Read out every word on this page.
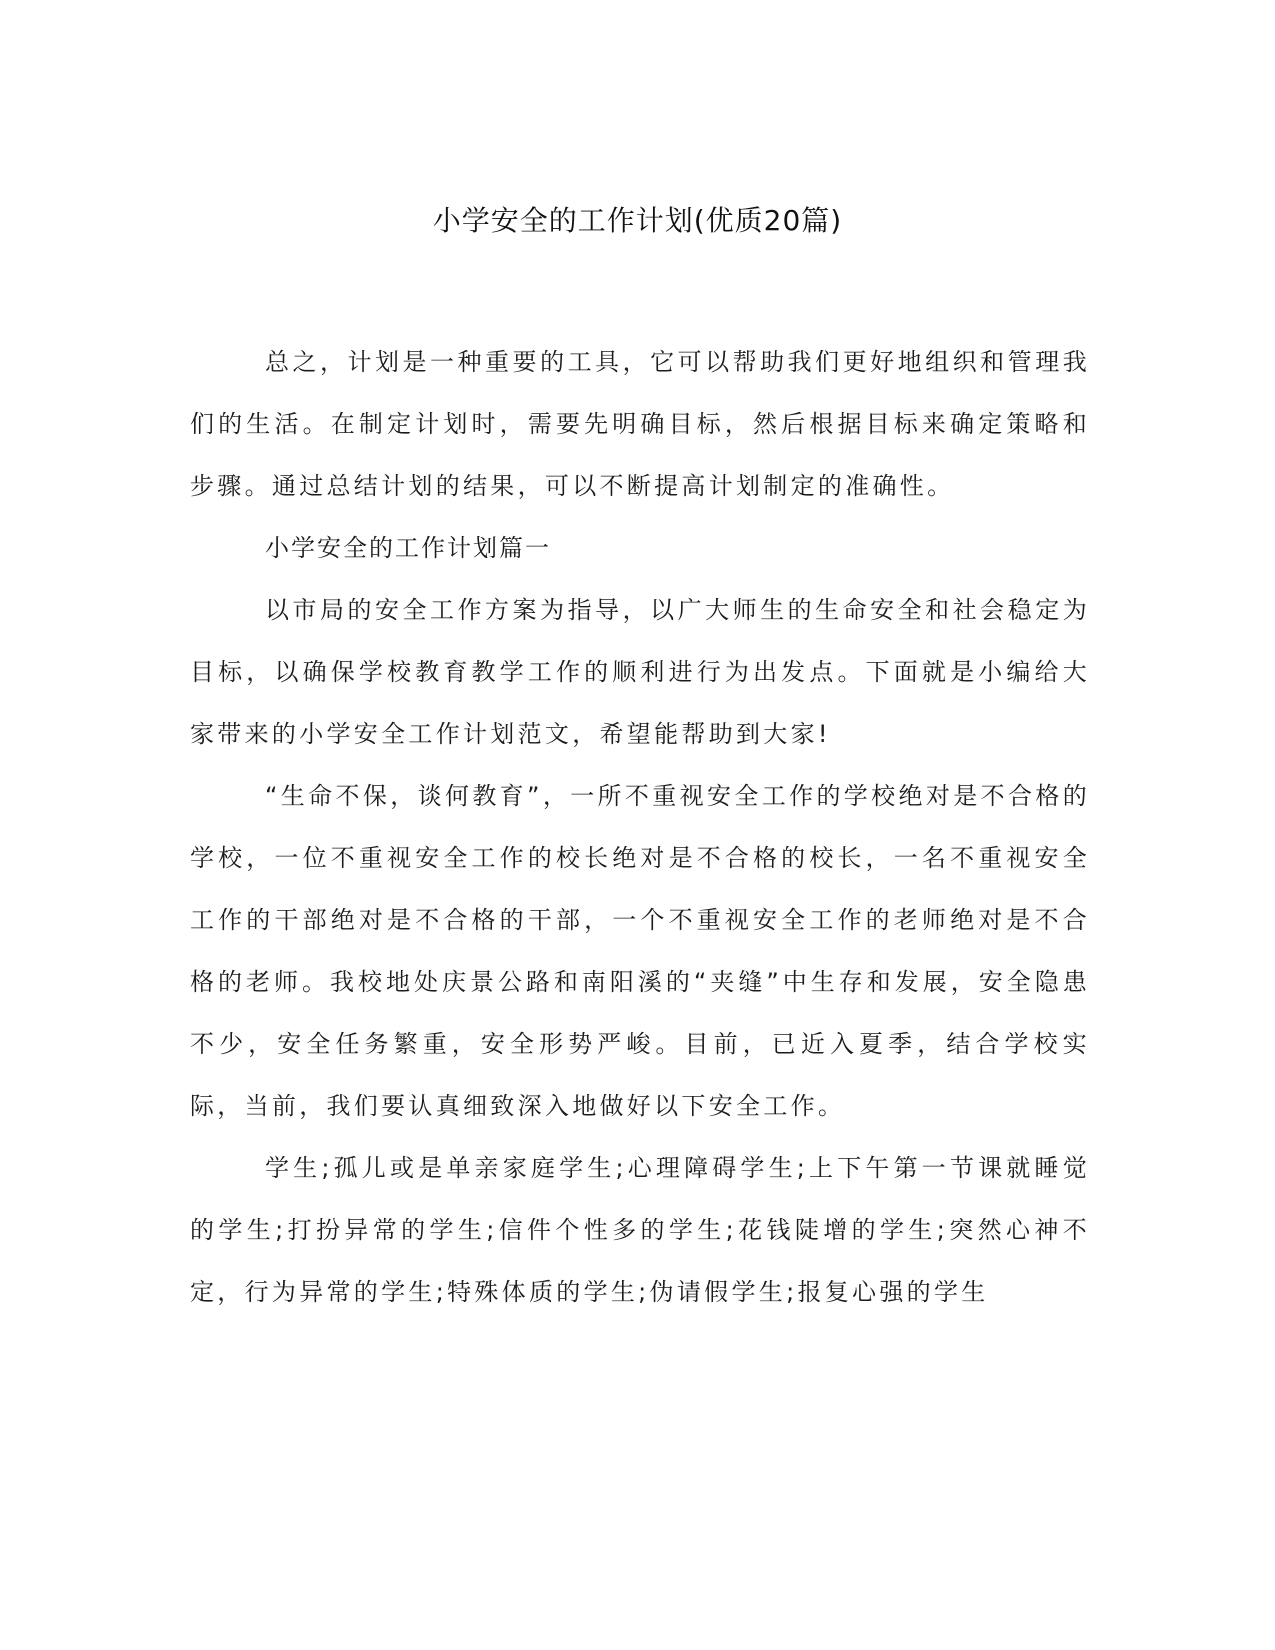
小学安全的工作计划(优质20篇)

总之，计划是一种重要的工具，它可以帮助我们更好地组织和管理我们的生活。在制定计划时，需要先明确目标，然后根据目标来确定策略和步骤。通过总结计划的结果，可以不断提高计划制定的准确性。

小学安全的工作计划篇一

以市局的安全工作方案为指导，以广大师生的生命安全和社会稳定为目标，以确保学校教育教学工作的顺利进行为出发点。下面就是小编给大家带来的小学安全工作计划范文，希望能帮助到大家!

“生命不保，谈何教育”，一所不重视安全工作的学校绝对是不合格的学校，一位不重视安全工作的校长绝对是不合格的校长，一名不重视安全工作的干部绝对是不合格的干部，一个不重视安全工作的老师绝对是不合格的老师。我校地处庆景公路和南阳溪的“夹缝”中生存和发展，安全隐患不少，安全任务繁重，安全形势严峻。目前，已近入夏季，结合学校实际，当前，我们要认真细致深入地做好以下安全工作。

学生;孤儿或是单亲家庭学生;心理障碍学生;上下午第一节课就睡觉的学生;打扮异常的学生;信件个性多的学生;花钱陡增的学生;突然心神不定，行为异常的学生;特殊体质的学生;伪请假学生;报复心强的学生
